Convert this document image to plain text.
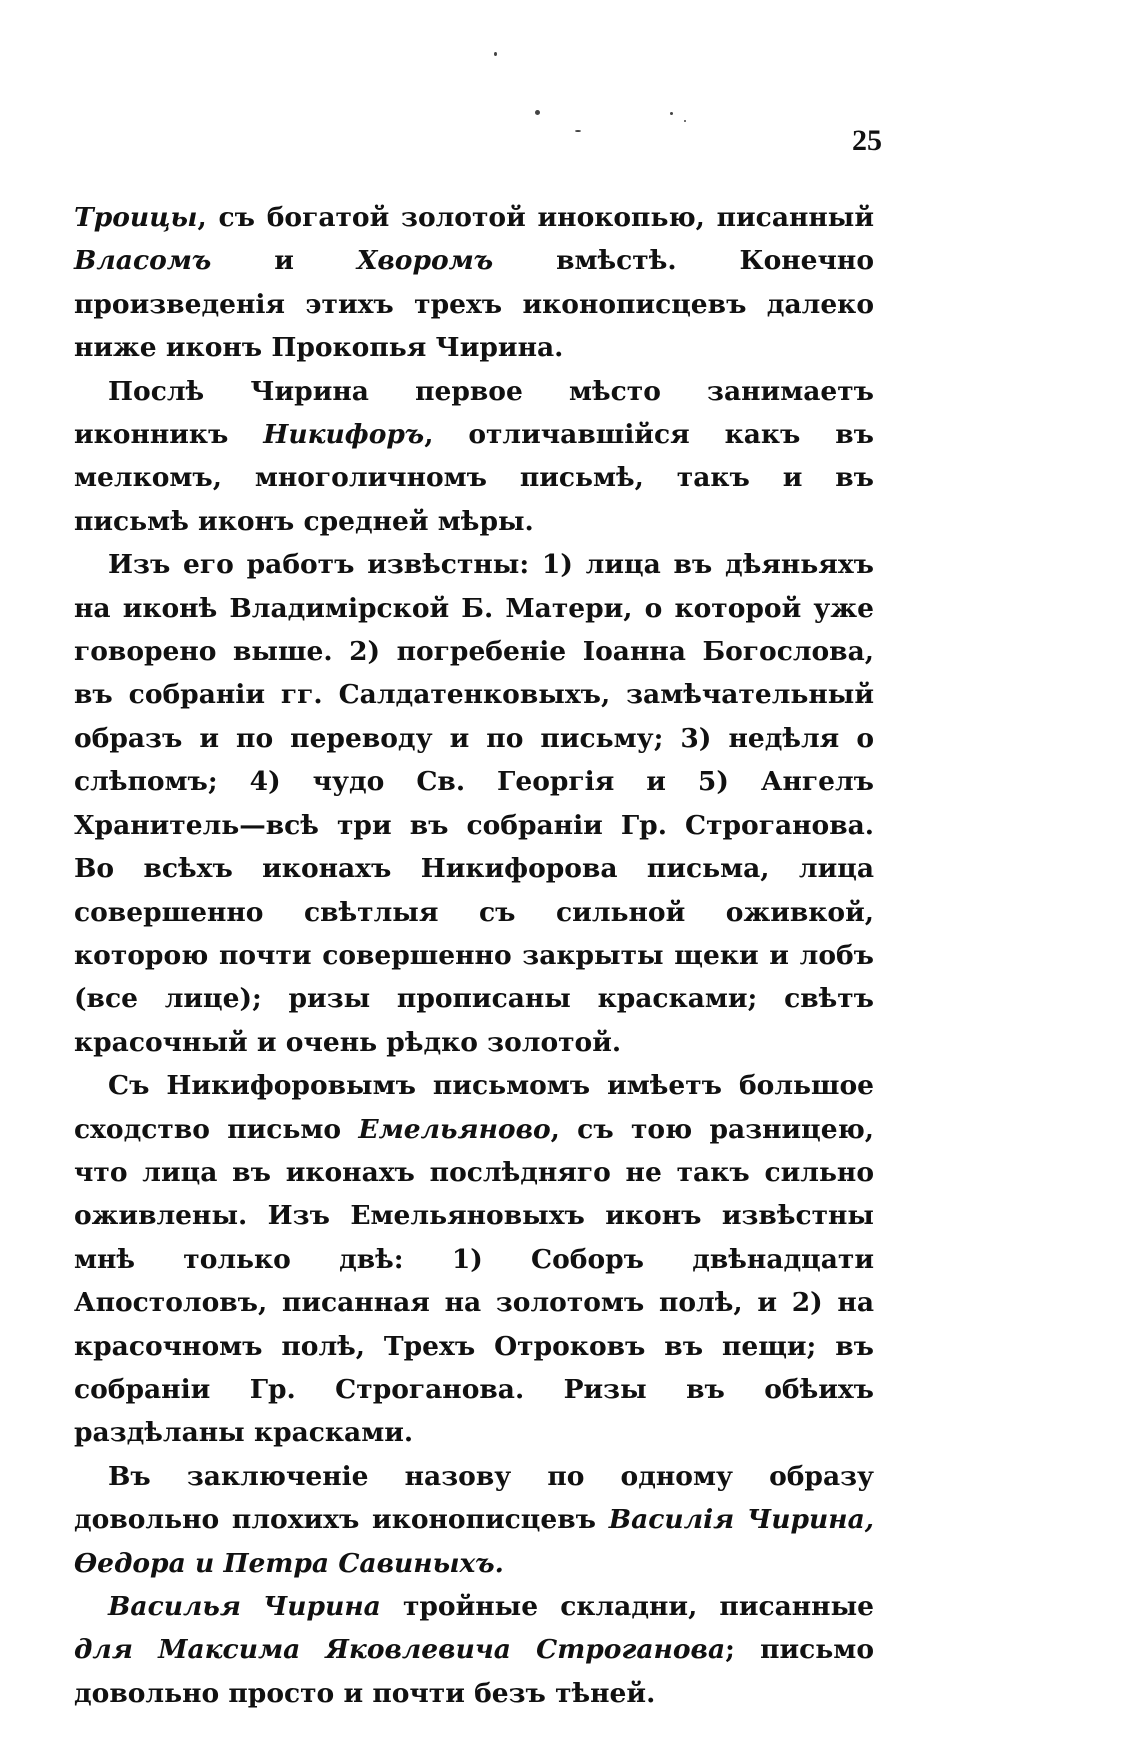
25

Троицы, съ богатой золотой инокопью, писанный Власомъ и Хворомъ вмѣстѣ. Конечно произведенія этихъ трехъ иконописцевъ далеко ниже иконъ Прокопья Чирина.

Послѣ Чирина первое мѣсто занимаетъ иконникъ Никифоръ, отличавшійся какъ въ мелкомъ, многоличномъ письмѣ, такъ и въ письмѣ иконъ средней мѣры.

Изъ его работъ извѣстны: 1) лица въ дѣяньяхъ на иконѣ Владимірской Б. Матери, о которой уже говорено выше. 2) погребеніе Іоанна Богослова, въ собраніи гг. Салдатенковыхъ, замѣчательный образъ и по переводу и по письму; 3) недѣля о слѣпомъ; 4) чудо Св. Георгія и 5) Ангелъ Хранитель—всѣ три въ собраніи Гр. Строганова. Во всѣхъ иконахъ Никифорова письма, лица совершенно свѣтлыя съ сильной оживкой, которою почти совершенно закрыты щеки и лобъ (все лице); ризы прописаны красками; свѣтъ красочный и очень рѣдко золотой.

Съ Никифоровымъ письмомъ имѣетъ большое сходство письмо Емельяново, съ тою разницею, что лица въ иконахъ послѣдняго не такъ сильно оживлены. Изъ Емельяновыхъ иконъ извѣстны мнѣ только двѣ: 1) Соборъ двѣнадцати Апостоловъ, писанная на золотомъ полѣ, и 2) на красочномъ полѣ, Трехъ Отроковъ въ пещи; въ собраніи Гр. Строганова. Ризы въ обѣихъ раздѣланы красками.

Въ заключеніе назову по одному образу довольно плохихъ иконописцевъ Василія Чирина, Ѳедора и Петра Савиныхъ.

Василья Чирина тройные складни, писанные для Максима Яковлевича Строганова; письмо довольно просто и почти безъ тѣней.
